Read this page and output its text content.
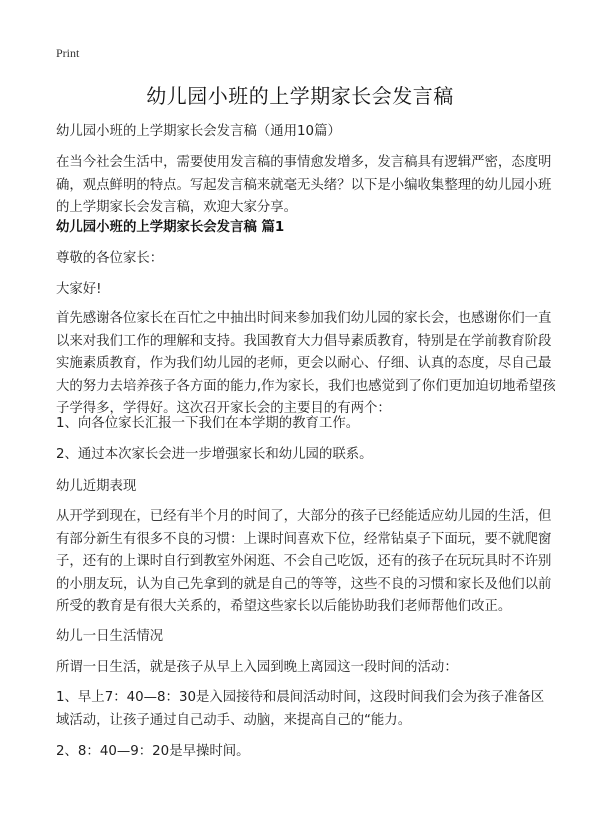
Print
幼儿园小班的上学期家长会发言稿
幼儿园小班的上学期家长会发言稿（通用10篇）

在当今社会生活中，需要使用发言稿的事情愈发增多，发言稿具有逻辑严密，态度明确，观点鲜明的特点。写起发言稿来就毫无头绪？以下是小编收集整理的幼儿园小班的上学期家长会发言稿，欢迎大家分享。

幼儿园小班的上学期家长会发言稿 篇1
尊敬的各位家长：
大家好!

首先感谢各位家长在百忙之中抽出时间来参加我们幼儿园的家长会，也感谢你们一直以来对我们工作的理解和支持。我国教育大力倡导素质教育，特别是在学前教育阶段实施素质教育，作为我们幼儿园的老师，更会以耐心、仔细、认真的态度，尽自己最大的努力去培养孩子各方面的能力,作为家长，我们也感觉到了你们更加迫切地希望孩子学得多，学得好。这次召开家长会的主要目的有两个：

1、向各位家长汇报一下我们在本学期的教育工作。
2、通过本次家长会进一步增强家长和幼儿园的联系。
幼儿近期表现

从开学到现在，已经有半个月的时间了，大部分的孩子已经能适应幼儿园的生活，但有部分新生有很多不良的习惯：上课时间喜欢下位，经常钻桌子下面玩，要不就爬窗子，还有的上课时自行到教室外闲逛、不会自己吃饭，还有的孩子在玩玩具时不许别的小朋友玩，认为自己先拿到的就是自己的等等，这些不良的习惯和家长及他们以前所受的教育是有很大关系的，希望这些家长以后能协助我们老师帮他们改正。

幼儿一日生活情况
所谓一日生活，就是孩子从早上入园到晚上离园这一段时间的活动：

1、早上7：40—8：30是入园接待和晨间活动时间，这段时间我们会为孩子准备区域活动，让孩子通过自己动手、动脑，来提高自己的“能力。

2、8：40—9：20是早操时间。
